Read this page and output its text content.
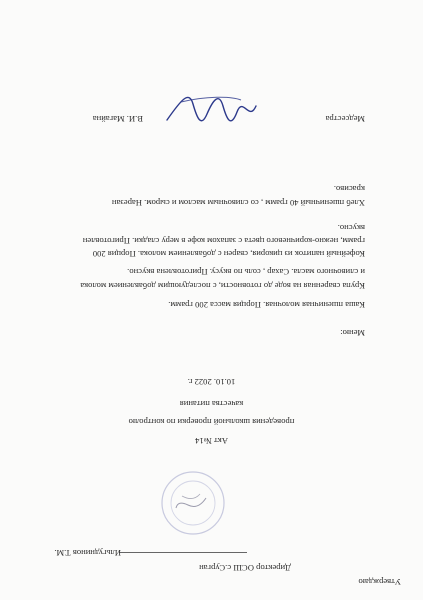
Утверждаю
Директор ОСШ с.Сурган
Ильгуднинов Т.М.
Акт №14
проведения школьной проверки по контролю
качества питания
10.10. 2022 г.
Меню:
Каша пшеничная молочная. Порция масса 200 грамм.
Крупа сваренная на воде до готовности, с последующим добавлением молока
и сливочного масла. Сахар , соль по вкусу. Приготовлена вкусно.
Кофейный напиток из цикория, сварен с добавлением молока. Порция 200
грамм, нежно-коричневого цвета с запахом кофе в меру сладки. Приготовлен
вкусно.
Хлеб пшеничный 40 грамм , со сливочным маслом и сыром. Нарезан
красиво.
Медсестра
В.И. Магайна
